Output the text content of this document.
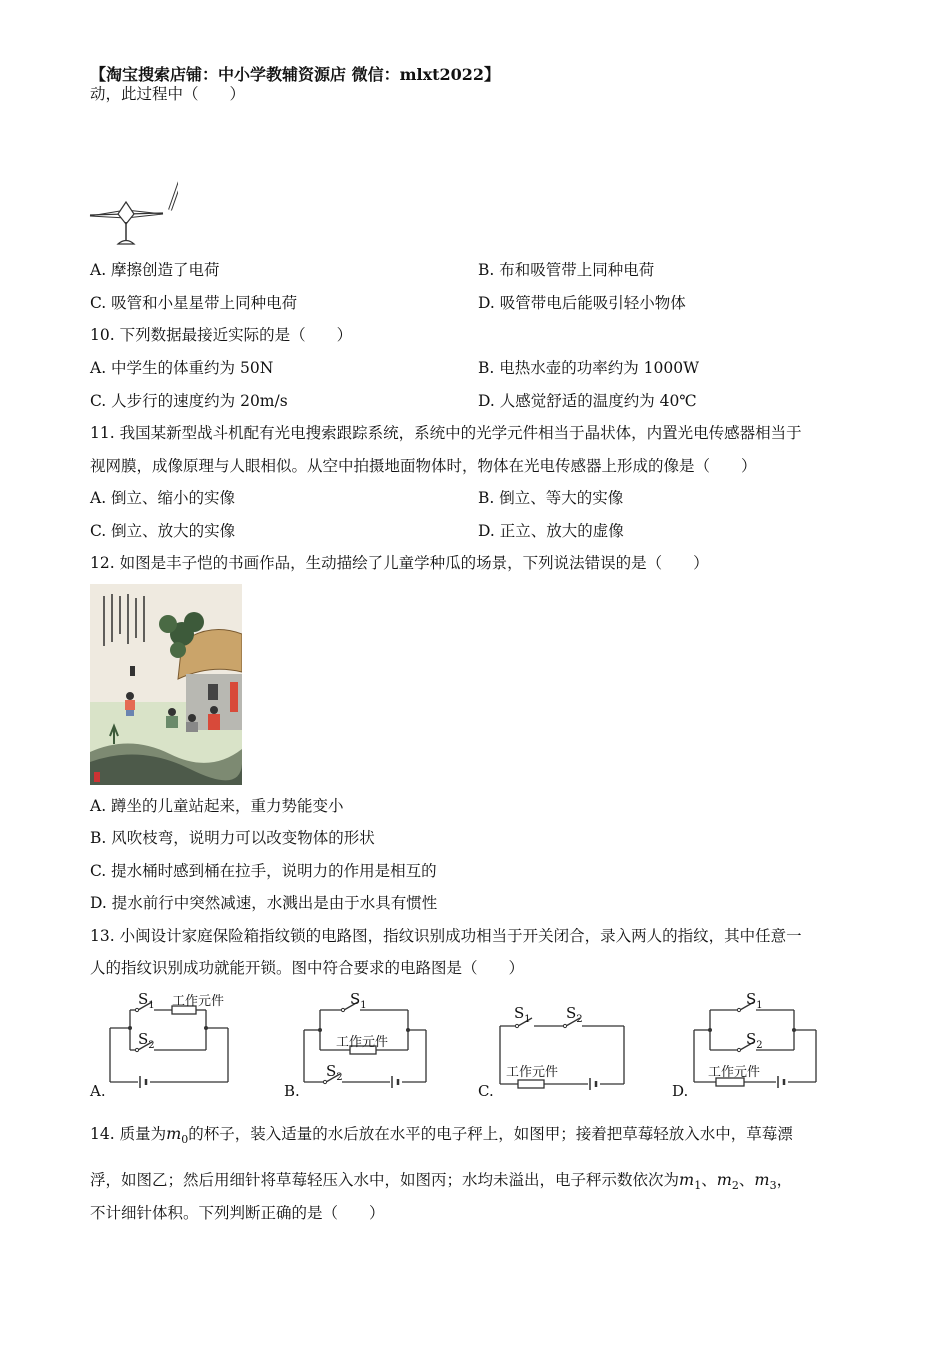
【淘宝搜索店铺：中小学教辅资源店 微信：mlxt2022】
动，此过程中（　　）
A. 摩擦创造了电荷	B. 布和吸管带上同种电荷
C. 吸管和小星星带上同种电荷	D. 吸管带电后能吸引轻小物体
10. 下列数据最接近实际的是（　　）
A. 中学生的体重约为 50N	B. 电热水壶的功率约为 1000W
C. 人步行的速度约为 20m/s	D. 人感觉舒适的温度约为 40℃
11. 我国某新型战斗机配有光电搜索跟踪系统，系统中的光学元件相当于晶状体，内置光电传感器相当于
视网膜，成像原理与人眼相似。从空中拍摄地面物体时，物体在光电传感器上形成的像是（　　）
A. 倒立、缩小的实像	B. 倒立、等大的实像
C. 倒立、放大的实像	D. 正立、放大的虚像
12. 如图是丰子恺的书画作品，生动描绘了儿童学种瓜的场景，下列说法错误的是（　　）
A. 蹲坐的儿童站起来，重力势能变小
B. 风吹枝弯，说明力可以改变物体的形状
C. 提水桶时感到桶在拉手，说明力的作用是相互的
D. 提水前行中突然减速，水溅出是由于水具有惯性
13. 小闽设计家庭保险箱指纹锁的电路图，指纹识别成功相当于开关闭合，录入两人的指纹，其中任意一
人的指纹识别成功就能开锁。图中符合要求的电路图是（　　）
$S_1$ 工作元件
$S_2$
A.
$S_1$
工作元件
$S_2$
B.
$S_1$ $S_2$
工作元件
C.
$S_1$
$S_2$
工作元件
D.
14. 质量为$m_0$的杯子，装入适量的水后放在水平的电子秤上，如图甲；接着把草莓轻放入水中，草莓漂
浮，如图乙；然后用细针将草莓轻压入水中，如图丙；水均未溢出，电子秤示数依次为$m_1$、$m_2$、$m_3$，
不计细针体积。下列判断正确的是（　　）
